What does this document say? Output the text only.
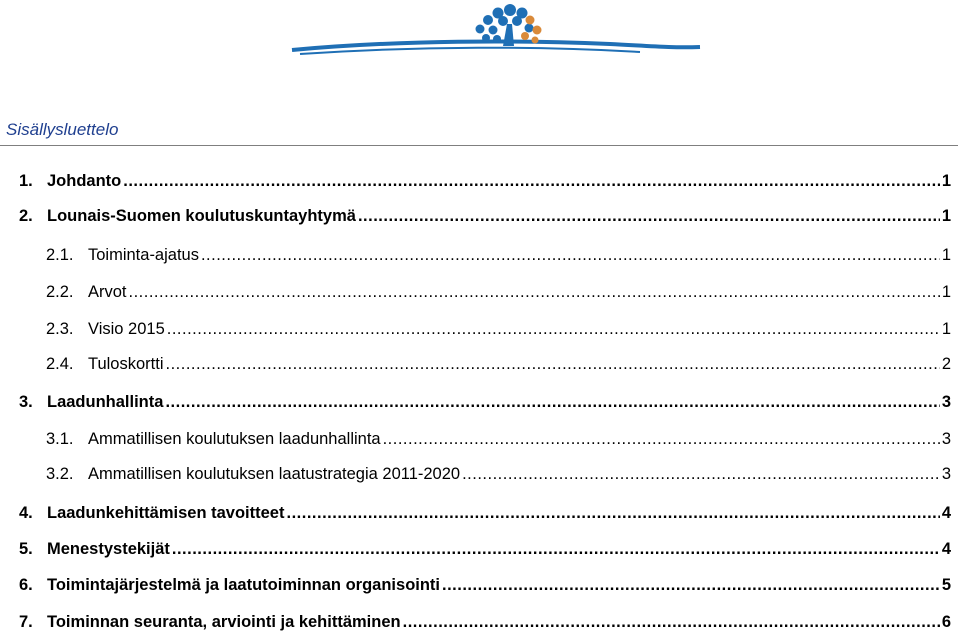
Sisällysluettelo
1. Johdanto .....	1
2. Lounais-Suomen koulutuskuntayhtymä .....	1
2.1. Toiminta-ajatus .....	1
2.2. Arvot .....	1
2.3. Visio 2015 .....	1
2.4. Tuloskortti .....	2
3. Laadunhallinta .....	3
3.1. Ammatillisen koulutuksen laadunhallinta .....	3
3.2. Ammatillisen koulutuksen laatustrategia 2011-2020 .....	3
4. Laadunkehittämisen tavoitteet .....	4
5. Menestystekijät .....	4
6. Toimintajärjestelmä ja laatutoiminnan organisointi .....	5
7. Toiminnan seuranta, arviointi ja kehittäminen .....	6
